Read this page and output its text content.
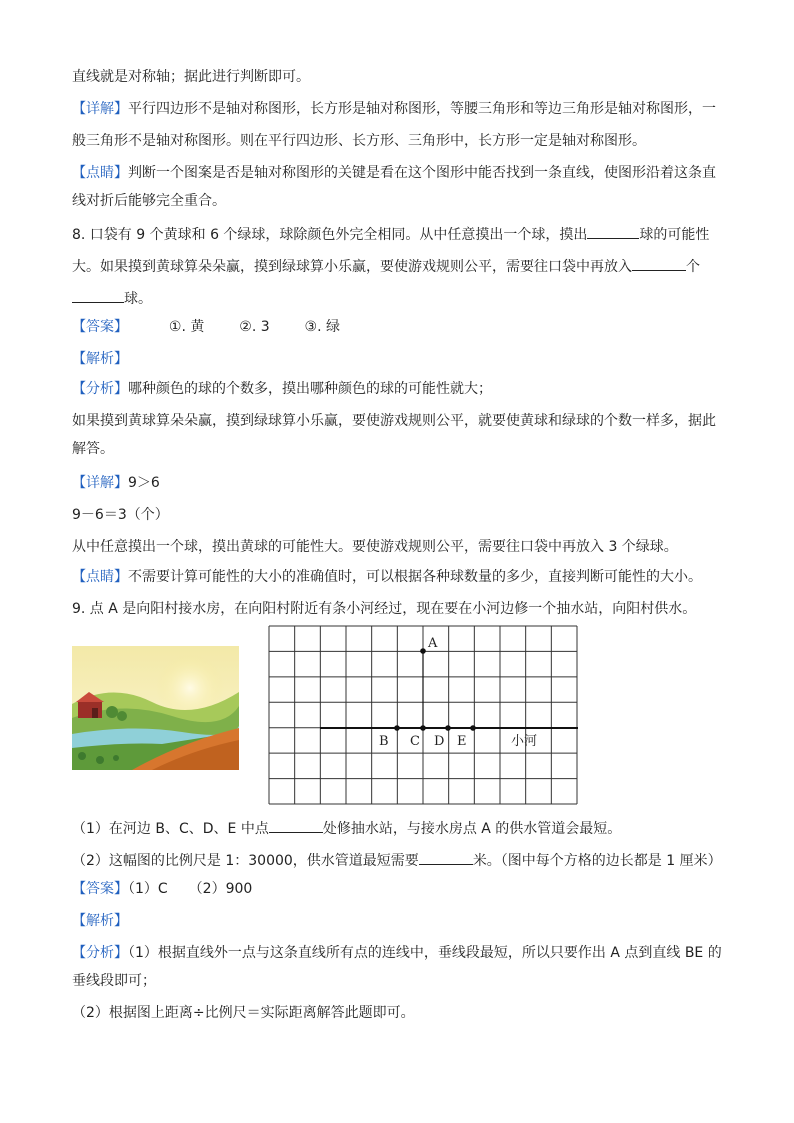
直线就是对称轴；据此进行判断即可。
【详解】平行四边形不是轴对称图形，长方形是轴对称图形，等腰三角形和等边三角形是轴对称图形，一
般三角形不是轴对称图形。则在平行四边形、长方形、三角形中，长方形一定是轴对称图形。
【点睛】判断一个图案是否是轴对称图形的关键是看在这个图形中能否找到一条直线，使图形沿着这条直
线对折后能够完全重合。
8. 口袋有 9 个黄球和 6 个绿球，球除颜色外完全相同。从中任意摸出一个球，摸出	球的可能性
大。如果摸到黄球算朵朵赢，摸到绿球算小乐赢，要使游戏规则公平，需要往口袋中再放入	个
球。
【答案】	①. 黄 ②. 3 ③. 绿
【解析】
【分析】哪种颜色的球的个数多，摸出哪种颜色的球的可能性就大；
如果摸到黄球算朵朵赢，摸到绿球算小乐赢，要使游戏规则公平，就要使黄球和绿球的个数一样多，据此
解答。
【详解】9＞6
9－6＝3（个）
从中任意摸出一个球，摸出黄球的可能性大。要使游戏规则公平，需要往口袋中再放入 3 个绿球。
【点睛】不需要计算可能性的大小的准确值时，可以根据各种球数量的多少，直接判断可能性的大小。
9. 点 A 是向阳村接水房，在向阳村附近有条小河经过，现在要在小河边修一个抽水站，向阳村供水。
A
B C D E	小河
（1）在河边 B、C、D、E 中点	处修抽水站，与接水房点 A 的供水管道会最短。
（2）这幅图的比例尺是 1：30000，供水管道最短需要	米。（图中每个方格的边长都是 1 厘米）
【答案】（1）C　　（2）900
【解析】
【分析】（1）根据直线外一点与这条直线所有点的连线中，垂线段最短，所以只要作出 A 点到直线 BE 的
垂线段即可；
（2）根据图上距离÷比例尺＝实际距离解答此题即可。
